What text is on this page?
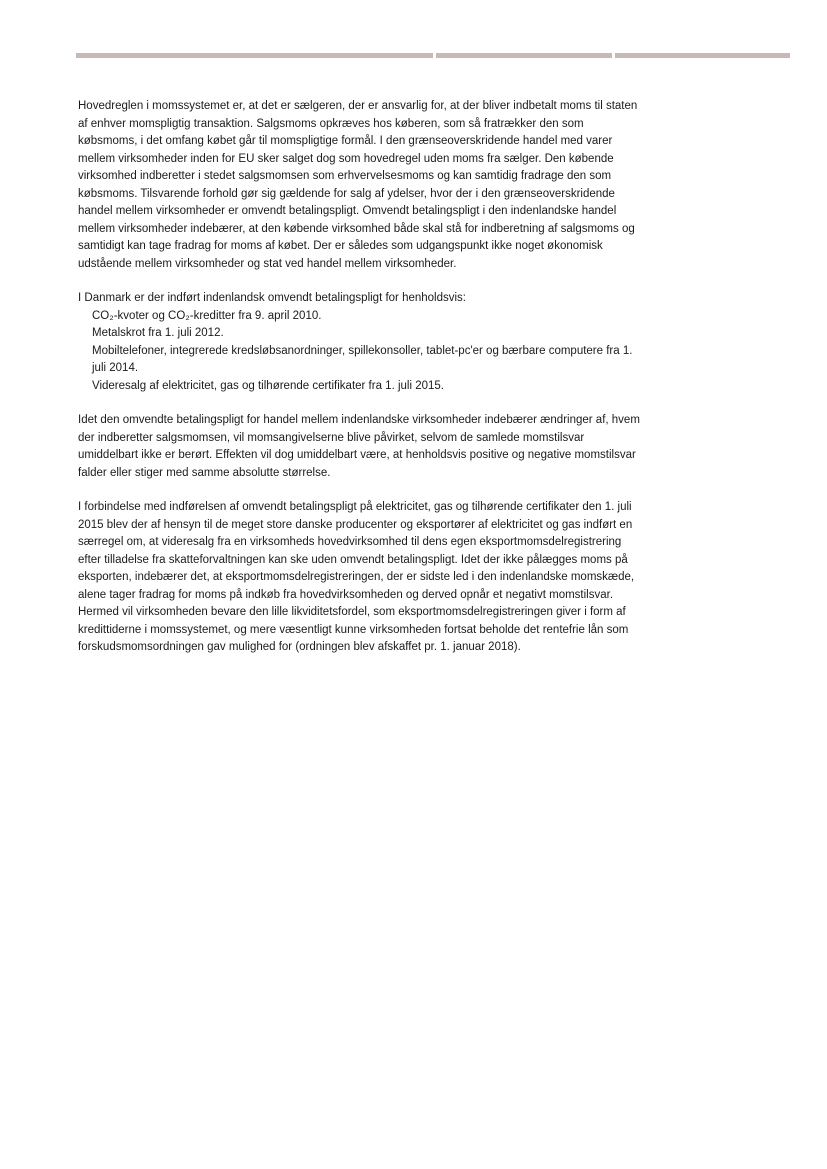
Hovedreglen i momssystemet er, at det er sælgeren, der er ansvarlig for, at der bliver indbetalt moms til staten af enhver momspligtig transaktion. Salgsmoms opkræves hos køberen, som så fratrækker den som købsmoms, i det omfang købet går til momspligtige formål. I den grænseoverskridende handel med varer mellem virksomheder inden for EU sker salget dog som hovedregel uden moms fra sælger. Den købende virksomhed indberetter i stedet salgsmomsen som erhvervelsesmoms og kan samtidig fradrage den som købsmoms. Tilsvarende forhold gør sig gældende for salg af ydelser, hvor der i den grænseoverskridende handel mellem virksomheder er omvendt betalingspligt. Omvendt betalingspligt i den indenlandske handel mellem virksomheder indebærer, at den købende virksomhed både skal stå for indberetning af salgsmoms og samtidigt kan tage fradrag for moms af købet. Der er således som udgangspunkt ikke noget økonomisk udstående mellem virksomheder og stat ved handel mellem virksomheder.

I Danmark er der indført indenlandsk omvendt betalingspligt for henholdsvis:

CO₂-kvoter og CO₂-kreditter fra 9. april 2010.

Metalskrot fra 1. juli 2012.

Mobiltelefoner, integrerede kredsløbsanordninger, spillekonsoller, tablet-pc'er og bærbare computere fra 1. juli 2014.

Videresalg af elektricitet, gas og tilhørende certifikater fra 1. juli 2015.

Idet den omvendte betalingspligt for handel mellem indenlandske virksomheder indebærer ændringer af, hvem der indberetter salgsmomsen, vil momsangivelserne blive påvirket, selvom de samlede momstilsvar umiddelbart ikke er berørt. Effekten vil dog umiddelbart være, at henholdsvis positive og negative momstilsvar falder eller stiger med samme absolutte størrelse.

I forbindelse med indførelsen af omvendt betalingspligt på elektricitet, gas og tilhørende certifikater den 1. juli 2015 blev der af hensyn til de meget store danske producenter og eksportører af elektricitet og gas indført en særregel om, at videresalg fra en virksomheds hovedvirksomhed til dens egen eksportmomsdelregistrering efter tilladelse fra skatteforvaltningen kan ske uden omvendt betalingspligt. Idet der ikke pålægges moms på eksporten, indebærer det, at eksportmomsdelregistreringen, der er sidste led i den indenlandske momskæde, alene tager fradrag for moms på indkøb fra hovedvirksomheden og derved opnår et negativt momstilsvar. Hermed vil virksomheden bevare den lille likviditetsfordel, som eksportmomsdelregistreringen giver i form af kredittiderne i momssystemet, og mere væsentligt kunne virksomheden fortsat beholde det rentefrie lån som forskudsmomsordningen gav mulighed for (ordningen blev afskaffet pr. 1. januar 2018).
